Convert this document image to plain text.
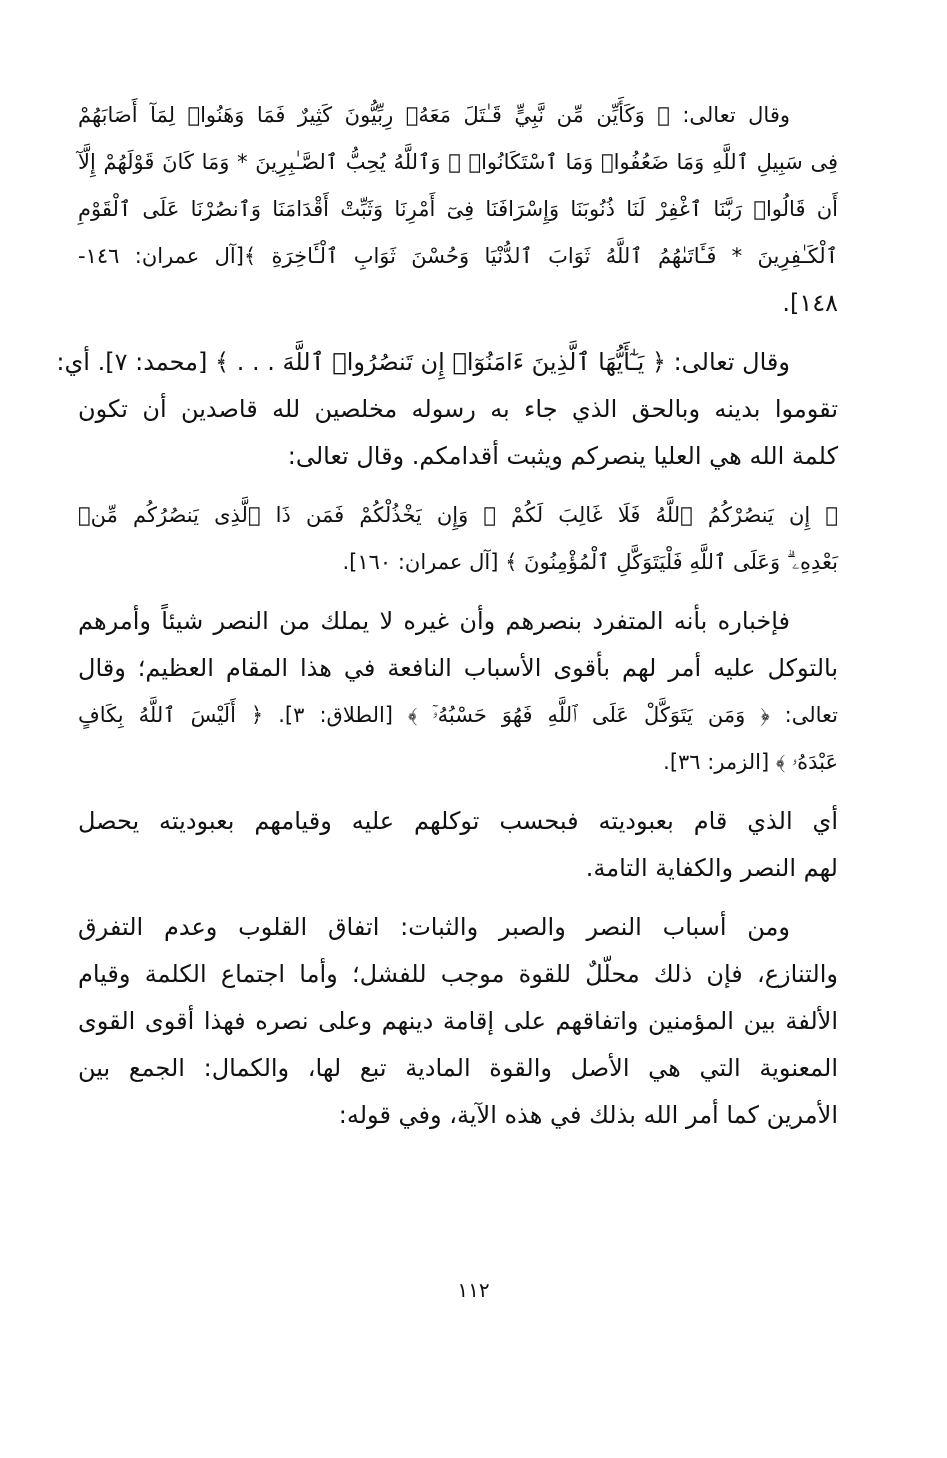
وقال تعالى: ﴿ وَكَأَيِّن مِّن نَّبِيٍّ قَـٰتَلَ مَعَهُۥ رِبِّيُّونَ كَثِيرٌ فَمَا وَهَنُوا۟ لِمَآ أَصَابَهُمْ
فِى سَبِيلِ ٱللَّهِ وَمَا ضَعُفُوا۟ وَمَا ٱسْتَكَانُوا۟ ۗ وَٱللَّهُ يُحِبُّ ٱلصَّـٰبِرِينَ * وَمَا كَانَ قَوْلَهُمْ إِلَّآ
أَن قَالُوا۟ رَبَّنَا ٱغْفِرْ لَنَا ذُنُوبَنَا وَإِسْرَافَنَا فِىٓ أَمْرِنَا وَثَبِّتْ أَقْدَامَنَا وَٱنصُرْنَا عَلَى ٱلْقَوْمِ
ٱلْكَـٰفِرِينَ * فَـَٔاتَىٰهُمُ ٱللَّهُ ثَوَابَ ٱلدُّنْيَا وَحُسْنَ ثَوَابِ ٱلْـَٔاخِرَةِ ﴾[آل عمران: ١٤٦-
١٤٨].
وقال تعالى: ﴿ يَـٰٓأَيُّهَا ٱلَّذِينَ ءَامَنُوٓا۟ إِن تَنصُرُوا۟ ٱللَّهَ . . . ﴾ [محمد: ٧]. أي:
تقوموا بدينه وبالحق الذي جاء به رسوله مخلصين لله قاصدين أن تكون
كلمة الله هي العليا ينصركم ويثبت أقدامكم. وقال تعالى:
﴿ إِن يَنصُرْكُمُ ٱللَّهُ فَلَا غَالِبَ لَكُمْ ۖ وَإِن يَخْذُلْكُمْ فَمَن ذَا ٱلَّذِى يَنصُرُكُم مِّنۢ
بَعْدِهِۦ ۗ وَعَلَى ٱللَّهِ فَلْيَتَوَكَّلِ ٱلْمُؤْمِنُونَ ﴾ [آل عمران: ١٦٠].
فإخباره بأنه المتفرد بنصرهم وأن غيره لا يملك من النصر شيئاً وأمرهم
بالتوكل عليه أمر لهم بأقوى الأسباب النافعة في هذا المقام العظيم؛ وقال
تعالى: ﴿ وَمَن يَتَوَكَّلْ عَلَى ٱللَّهِ فَهُوَ حَسْبُهُۥٓ ﴾ [الطلاق: ٣]. ﴿ أَلَيْسَ ٱللَّهُ بِكَافٍ
عَبْدَهُۥ ﴾ [الزمر: ٣٦].
أي الذي قام بعبوديته فبحسب توكلهم عليه وقيامهم بعبوديته يحصل
لهم النصر والكفاية التامة.
ومن أسباب النصر والصبر والثبات: اتفاق القلوب وعدم التفرق
والتنازع، فإن ذلك محلّلٌ للقوة موجب للفشل؛ وأما اجتماع الكلمة وقيام
الألفة بين المؤمنين واتفاقهم على إقامة دينهم وعلى نصره فهذا أقوى القوى
المعنوية التي هي الأصل والقوة المادية تبع لها، والكمال: الجمع بين
الأمرين كما أمر الله بذلك في هذه الآية، وفي قوله:
١١٢
